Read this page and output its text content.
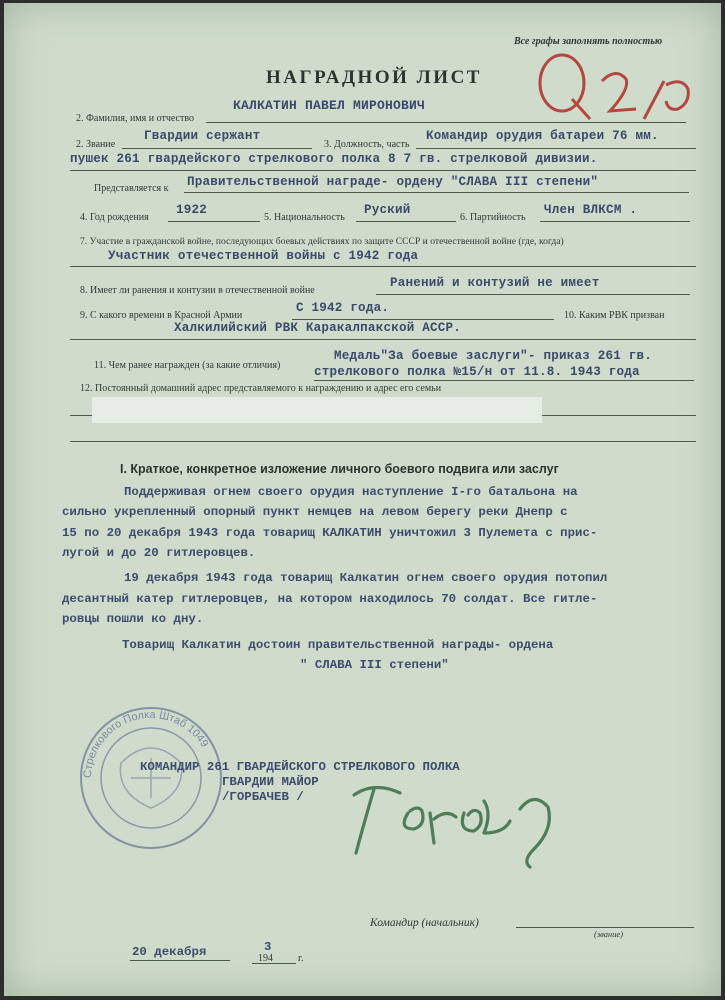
Все графы заполнять полностью
НАГРАДНОЙ ЛИСТ
2. Фамилия, имя и отчество
КАЛКАТИН ПАВЕЛ МИРОНОВИЧ
2. Звание
Гвардии сержант
3. Должность, часть
Командир орудия батареи 76 мм.
пушек 261 гвардейского стрелкового полка 8 7 гв. стрелковой дивизии.
Представляется к Правительственной награде- ордену "СЛАВА III степени"
4. Год рождения
1922
5. Национальность
Руский
6. Партийность
Член ВЛКСМ .
7. Участие в гражданской войне, последующих боевых действиях по защите СССР и отечественной войне (где, когда)
Участник отечественной войны с 1942 года
8. Имеет ли ранения и контузии в отечественной войне
Ранений и контузий не имеет
9. С какого времени в Красной Армии
С 1942 года.
10. Каким РВК призван
Халкилийский РВК Каракалпакской АССР.
11. Чем ранее награжден (за какие отличия)
Медаль"За боевые заслуги"- приказ 261 гв.
стрелкового полка №15/н от 11.8. 1943 года
12. Постоянный домашний адрес представляемого к награждению и адрес его семьи
I. Краткое, конкретное изложение личного боевого подвига или заслуг
Поддерживая огнем своего орудия наступление I-го батальона на
сильно укрепленный опорный пункт немцев на левом берегу реки Днепр с
15 по 20 декабря 1943 года товарищ КАЛКАТИН уничтожил 3 Пулемета с прис-
лугой и до 20 гитлеровцев.
19 декабря 1943 года товарищ Калкатин огнем своего орудия потопил
десантный катер гитлеровцев, на котором находилось 70 солдат. Все гитле-
ровцы пошли ко дну.
Товарищ Калкатин достоин правительственной награды- ордена
" СЛАВА III степени"
Стрелкового Полка Штаб 1049
КОМАНДИР 261 ГВАРДЕЙСКОГО СТРЕЛКОВОГО ПОЛКА
ГВАРДИИ МАЙОР
/ГОРБАЧЕВ /
Командир (начальник)
(звание)
20 декабря	194
3
г.
